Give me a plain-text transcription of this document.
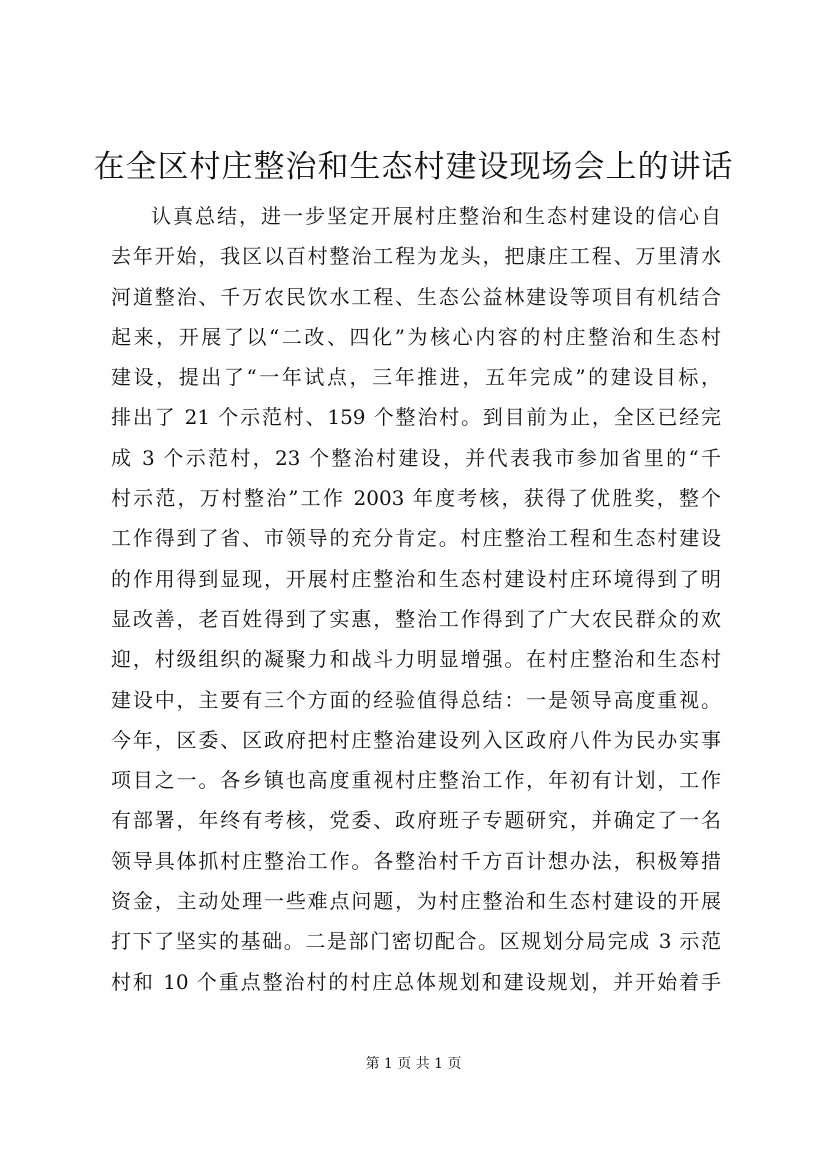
在全区村庄整治和生态村建设现场会上的讲话
认真总结，进一步坚定开展村庄整治和生态村建设的信心自
去年开始，我区以百村整治工程为龙头，把康庄工程、万里清水
河道整治、千万农民饮水工程、生态公益林建设等项目有机结合
起来，开展了以“二改、四化”为核心内容的村庄整治和生态村
建设，提出了“一年试点，三年推进，五年完成”的建设目标，
排出了 21 个示范村、159 个整治村。到目前为止，全区已经完
成 3 个示范村，23 个整治村建设，并代表我市参加省里的“千
村示范，万村整治”工作 2003 年度考核，获得了优胜奖，整个
工作得到了省、市领导的充分肯定。村庄整治工程和生态村建设
的作用得到显现，开展村庄整治和生态村建设村庄环境得到了明
显改善，老百姓得到了实惠，整治工作得到了广大农民群众的欢
迎，村级组织的凝聚力和战斗力明显增强。在村庄整治和生态村
建设中，主要有三个方面的经验值得总结：一是领导高度重视。
今年，区委、区政府把村庄整治建设列入区政府八件为民办实事
项目之一。各乡镇也高度重视村庄整治工作，年初有计划，工作
有部署，年终有考核，党委、政府班子专题研究，并确定了一名
领导具体抓村庄整治工作。各整治村千方百计想办法，积极筹措
资金，主动处理一些难点问题，为村庄整治和生态村建设的开展
打下了坚实的基础。二是部门密切配合。区规划分局完成 3 示范
村和 10 个重点整治村的村庄总体规划和建设规划，并开始着手
第 1 页 共 1 页
